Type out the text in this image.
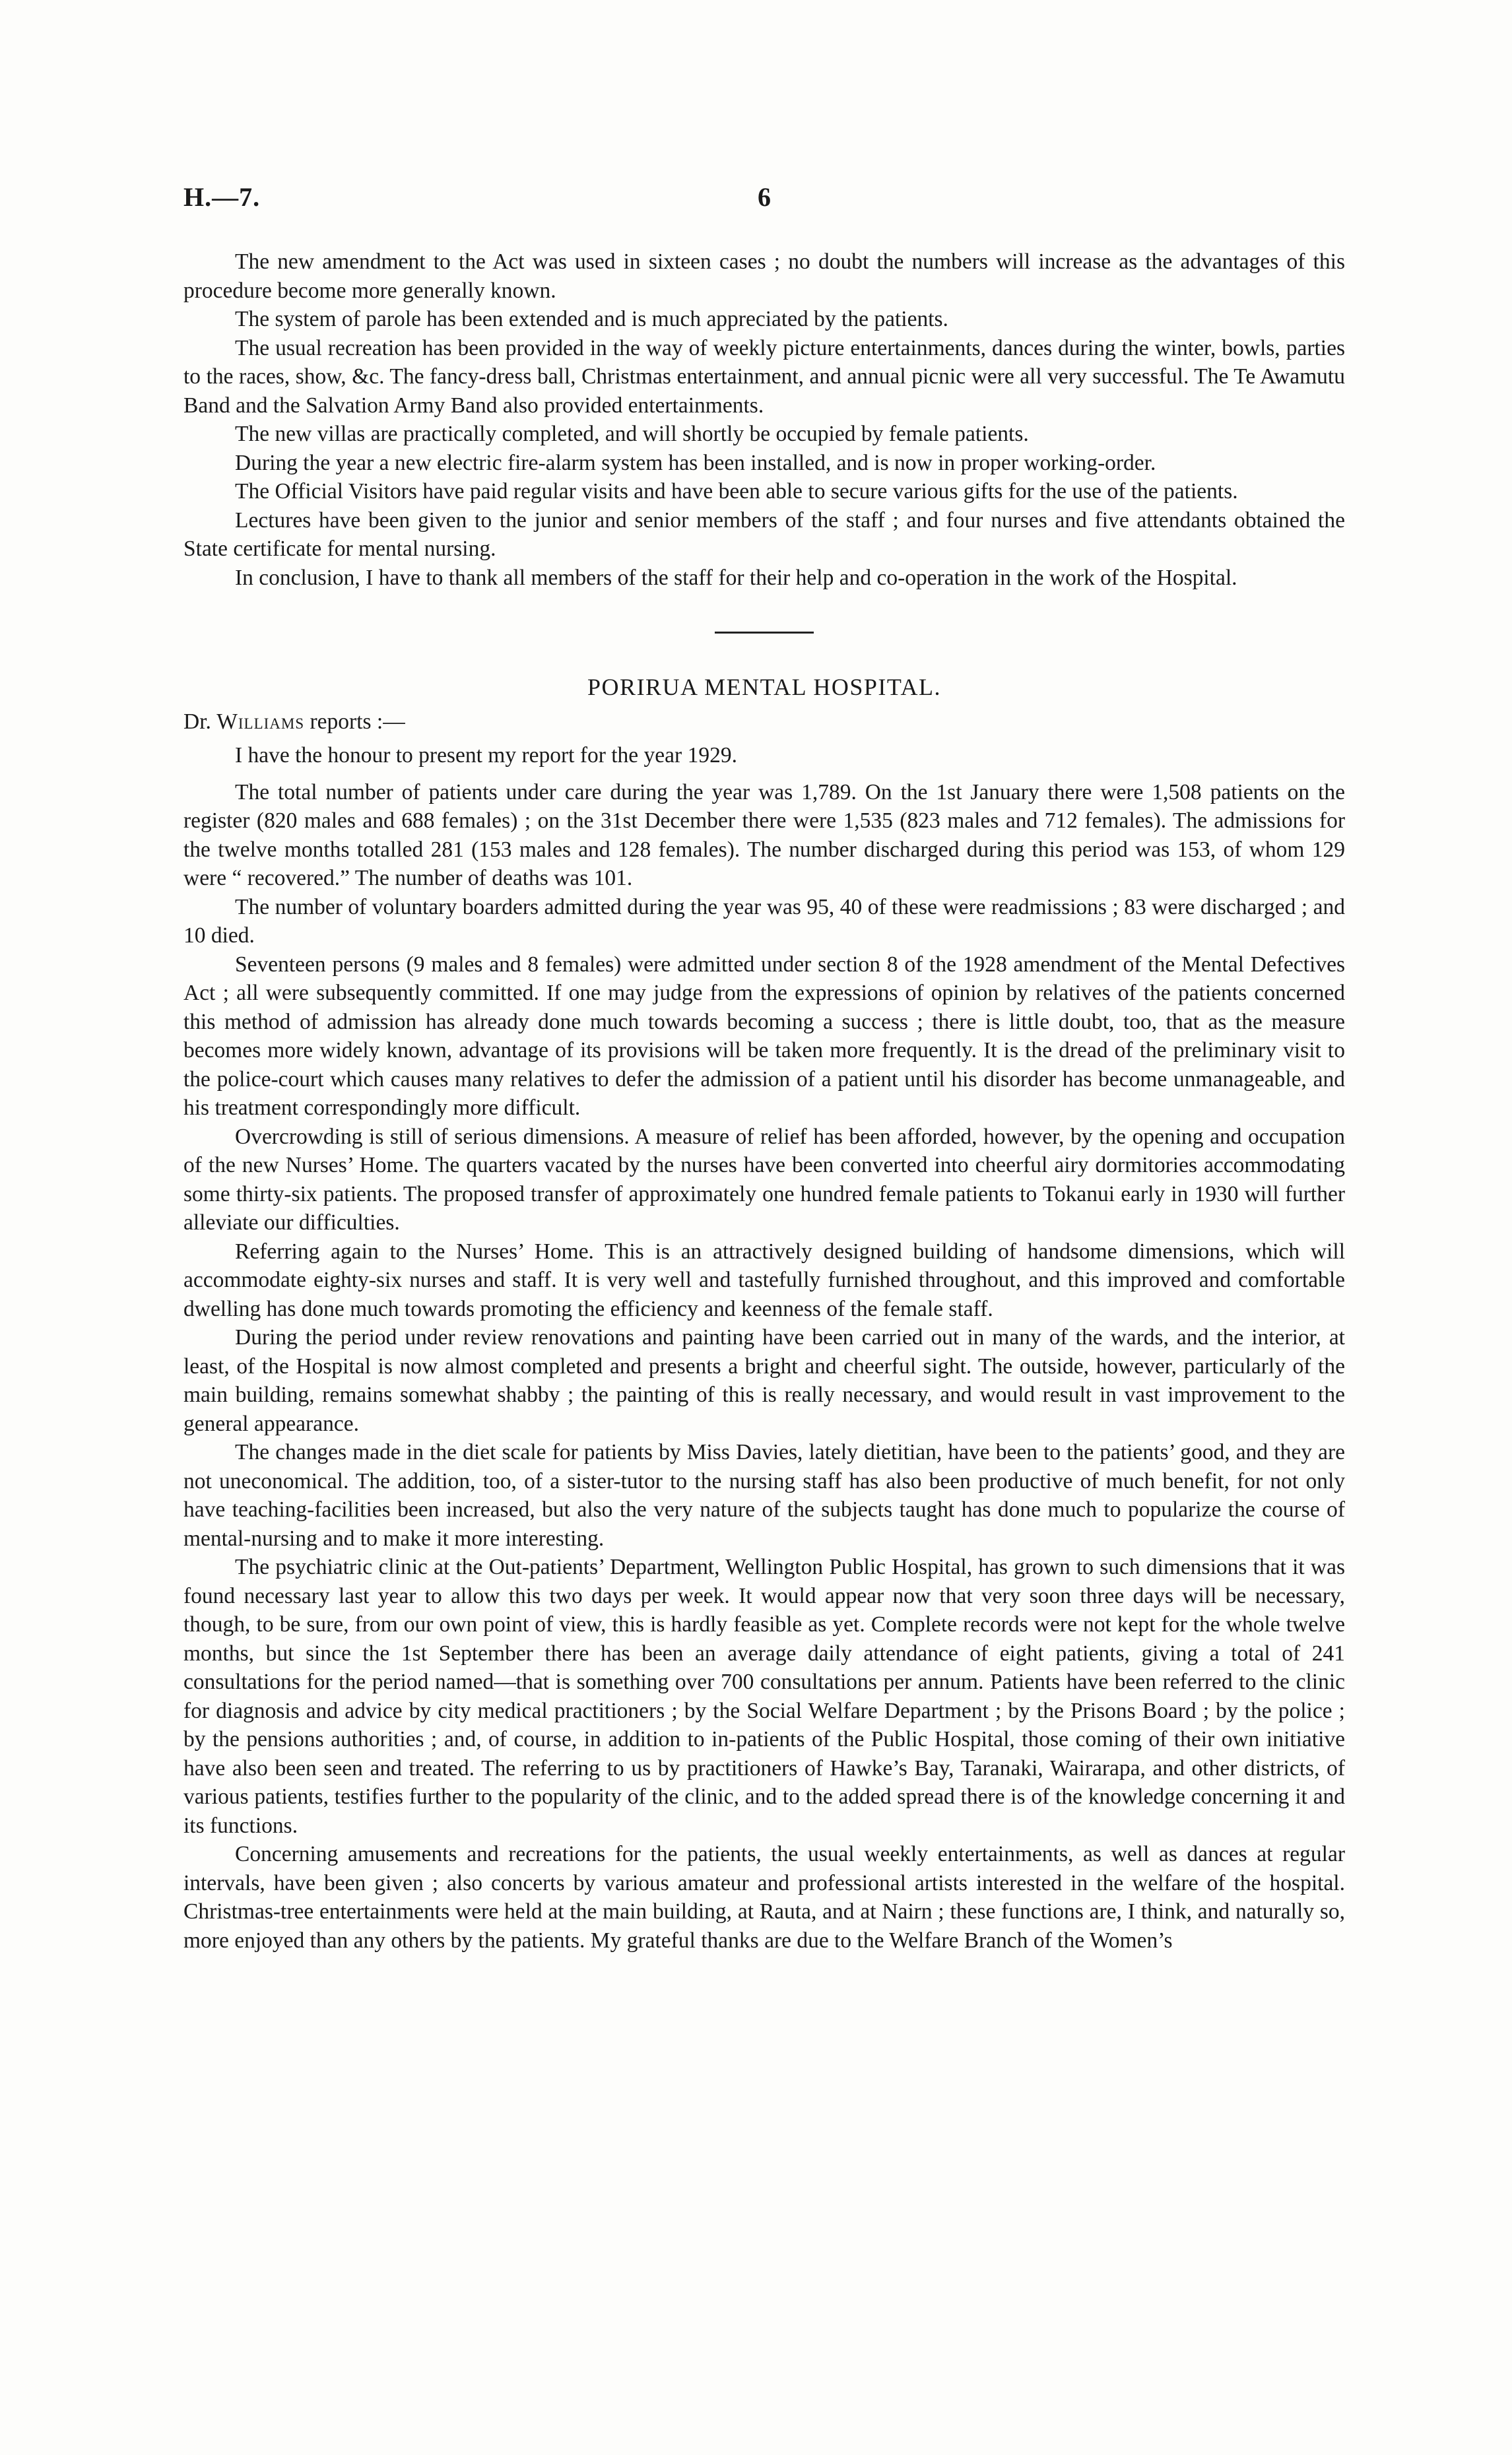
H.—7.	6

The new amendment to the Act was used in sixteen cases ; no doubt the numbers will increase as the advantages of this procedure become more generally known.

The system of parole has been extended and is much appreciated by the patients.

The usual recreation has been provided in the way of weekly picture entertainments, dances during the winter, bowls, parties to the races, show, &c. The fancy-dress ball, Christmas entertainment, and annual picnic were all very successful. The Te Awamutu Band and the Salvation Army Band also provided entertainments.

The new villas are practically completed, and will shortly be occupied by female patients.

During the year a new electric fire-alarm system has been installed, and is now in proper working-order.

The Official Visitors have paid regular visits and have been able to secure various gifts for the use of the patients.

Lectures have been given to the junior and senior members of the staff ; and four nurses and five attendants obtained the State certificate for mental nursing.

In conclusion, I have to thank all members of the staff for their help and co-operation in the work of the Hospital.

PORIRUA MENTAL HOSPITAL.

Dr. Williams reports :—

I have the honour to present my report for the year 1929.

The total number of patients under care during the year was 1,789. On the 1st January there were 1,508 patients on the register (820 males and 688 females) ; on the 31st December there were 1,535 (823 males and 712 females). The admissions for the twelve months totalled 281 (153 males and 128 females). The number discharged during this period was 153, of whom 129 were “ recovered.” The number of deaths was 101.

The number of voluntary boarders admitted during the year was 95, 40 of these were readmissions ; 83 were discharged ; and 10 died.

Seventeen persons (9 males and 8 females) were admitted under section 8 of the 1928 amendment of the Mental Defectives Act ; all were subsequently committed. If one may judge from the expressions of opinion by relatives of the patients concerned this method of admission has already done much towards becoming a success ; there is little doubt, too, that as the measure becomes more widely known, advantage of its provisions will be taken more frequently. It is the dread of the preliminary visit to the police-court which causes many relatives to defer the admission of a patient until his disorder has become unmanageable, and his treatment correspondingly more difficult.

Overcrowding is still of serious dimensions. A measure of relief has been afforded, however, by the opening and occupation of the new Nurses’ Home. The quarters vacated by the nurses have been converted into cheerful airy dormitories accommodating some thirty-six patients. The proposed transfer of approximately one hundred female patients to Tokanui early in 1930 will further alleviate our difficulties.

Referring again to the Nurses’ Home. This is an attractively designed building of handsome dimensions, which will accommodate eighty-six nurses and staff. It is very well and tastefully furnished throughout, and this improved and comfortable dwelling has done much towards promoting the efficiency and keenness of the female staff.

During the period under review renovations and painting have been carried out in many of the wards, and the interior, at least, of the Hospital is now almost completed and presents a bright and cheerful sight. The outside, however, particularly of the main building, remains somewhat shabby ; the painting of this is really necessary, and would result in vast improvement to the general appearance.

The changes made in the diet scale for patients by Miss Davies, lately dietitian, have been to the patients’ good, and they are not uneconomical. The addition, too, of a sister-tutor to the nursing staff has also been productive of much benefit, for not only have teaching-facilities been increased, but also the very nature of the subjects taught has done much to popularize the course of mental-nursing and to make it more interesting.

The psychiatric clinic at the Out-patients’ Department, Wellington Public Hospital, has grown to such dimensions that it was found necessary last year to allow this two days per week. It would appear now that very soon three days will be necessary, though, to be sure, from our own point of view, this is hardly feasible as yet. Complete records were not kept for the whole twelve months, but since the 1st September there has been an average daily attendance of eight patients, giving a total of 241 consultations for the period named—that is something over 700 consultations per annum. Patients have been referred to the clinic for diagnosis and advice by city medical practitioners ; by the Social Welfare Department ; by the Prisons Board ; by the police ; by the pensions authorities ; and, of course, in addition to in-patients of the Public Hospital, those coming of their own initiative have also been seen and treated. The referring to us by practitioners of Hawke’s Bay, Taranaki, Wairarapa, and other districts, of various patients, testifies further to the popularity of the clinic, and to the added spread there is of the knowledge concerning it and its functions.

Concerning amusements and recreations for the patients, the usual weekly entertainments, as well as dances at regular intervals, have been given ; also concerts by various amateur and professional artists interested in the welfare of the hospital. Christmas-tree entertainments were held at the main building, at Rauta, and at Nairn ; these functions are, I think, and naturally so, more enjoyed than any others by the patients. My grateful thanks are due to the Welfare Branch of the Women’s
